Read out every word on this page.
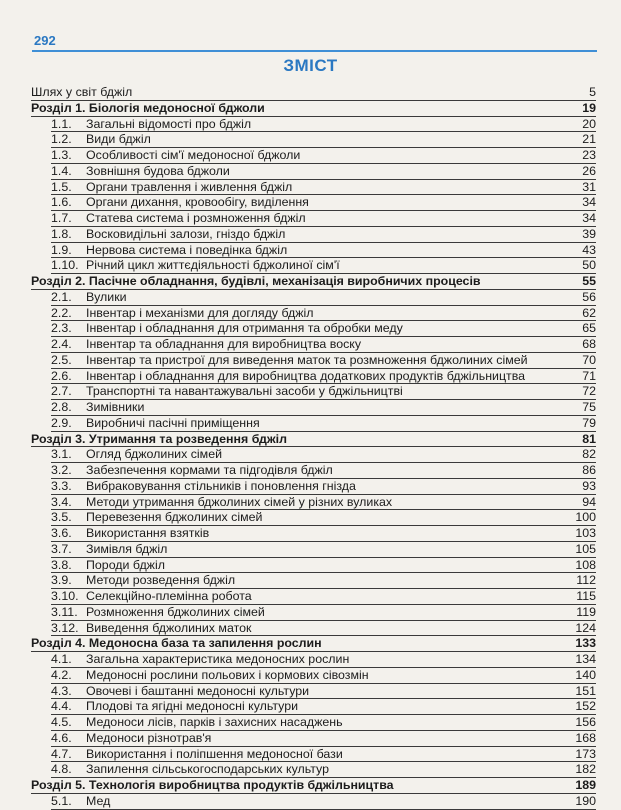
292
ЗМІСТ
Шлях у світ бджіл	5
Розділ 1. Біологія медоносної бджоли	19
1.1. Загальні відомості про бджіл	20
1.2. Види бджіл	21
1.3. Особливості сім'ї медоносної бджоли	23
1.4. Зовнішня будова бджоли	26
1.5. Органи травлення і живлення бджіл	31
1.6. Органи дихання, кровообігу, виділення	34
1.7. Статева система і розмноження бджіл	34
1.8. Восковидільні залози, гніздо бджіл	39
1.9. Нервова система і поведінка бджіл	43
1.10. Річний цикл життєдіяльності бджолиної сім'ї	50
Розділ 2. Пасічне обладнання, будівлі, механізація виробничих процесів	55
2.1. Вулики	56
2.2. Інвентар і механізми для догляду бджіл	62
2.3. Інвентар і обладнання для отримання та обробки меду	65
2.4. Інвентар та обладнання для виробництва воску	68
2.5. Інвентар та пристрої для виведення маток та розмноження бджолиних сімей	70
2.6. Інвентар і обладнання для виробництва додаткових продуктів бджільництва	71
2.7. Транспортні та навантажувальні засоби у бджільництві	72
2.8. Зимівники	75
2.9. Виробничі пасічні приміщення	79
Розділ 3. Утримання та розведення бджіл	81
3.1. Огляд бджолиних сімей	82
3.2. Забезпечення кормами та підгодівля бджіл	86
3.3. Вибраковування стільників і поновлення гнізда	93
3.4. Методи утримання бджолиних сімей у різних вуликах	94
3.5. Перевезення бджолиних сімей	100
3.6. Використання взятків	103
3.7. Зимівля бджіл	105
3.8. Породи бджіл	108
3.9. Методи розведення бджіл	112
3.10. Селекційно-племінна робота	115
3.11. Розмноження бджолиних сімей	119
3.12. Виведення бджолиних маток	124
Розділ 4. Медоносна база та запилення рослин	133
4.1. Загальна характеристика медоносних рослин	134
4.2. Медоносні рослини польових і кормових сівозмін	140
4.3. Овочеві і баштанні медоносні культури	151
4.4. Плодові та ягідні медоносні культури	152
4.5. Медоноси лісів, парків і захисних насаджень	156
4.6. Медоноси різнотрав'я	168
4.7. Використання і поліпшення медоносної бази	173
4.8. Запилення сільськогосподарських культур	182
Розділ 5. Технологія виробництва продуктів бджільництва	189
5.1. Мед	190
